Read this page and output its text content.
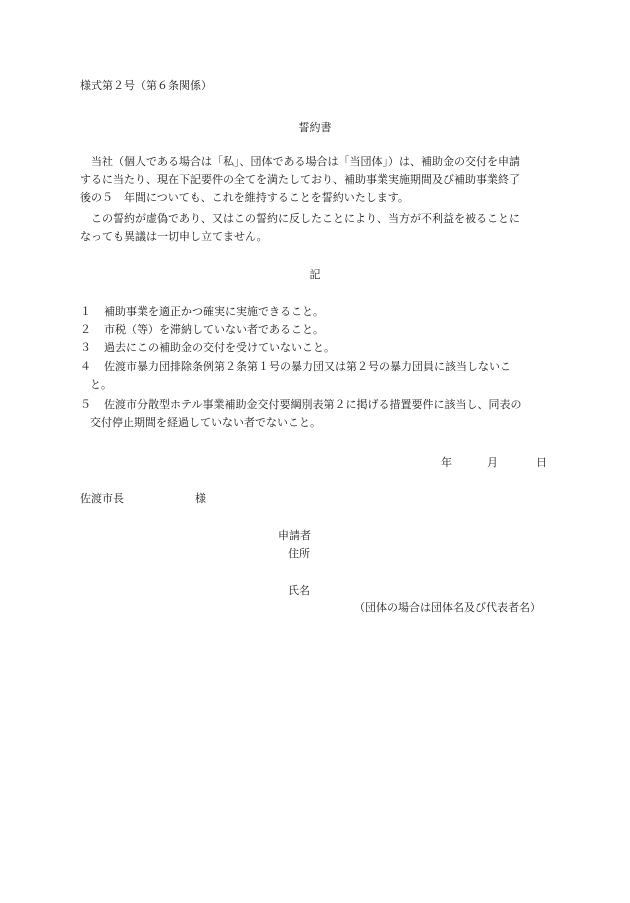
様式第２号（第６条関係）
誓約書
　当社（個人である場合は「私」、団体である場合は「当団体」）は、補助金の交付を申請
するに当たり、現在下記要件の全てを満たしており、補助事業実施期間及び補助事業終了
後の５　年間についても、これを維持することを誓約いたします。
　この誓約が虚偽であり、又はこの誓約に反したことにより、当方が不利益を被ることに
なっても異議は一切申し立てません。
記
１ 補助事業を適正かつ確実に実施できること。
２ 市税（等）を滞納していない者であること。
３ 過去にこの補助金の交付を受けていないこと。
４ 佐渡市暴力団排除条例第２条第１号の暴力団又は第２号の暴力団員に該当しないこ
と。
５ 佐渡市分散型ホテル事業補助金交付要綱別表第２に掲げる措置要件に該当し、同表の
交付停止期間を経過していない者でないこと。
年	月	日
佐渡市長	様
申請者
住所
氏名
（団体の場合は団体名及び代表者名）
